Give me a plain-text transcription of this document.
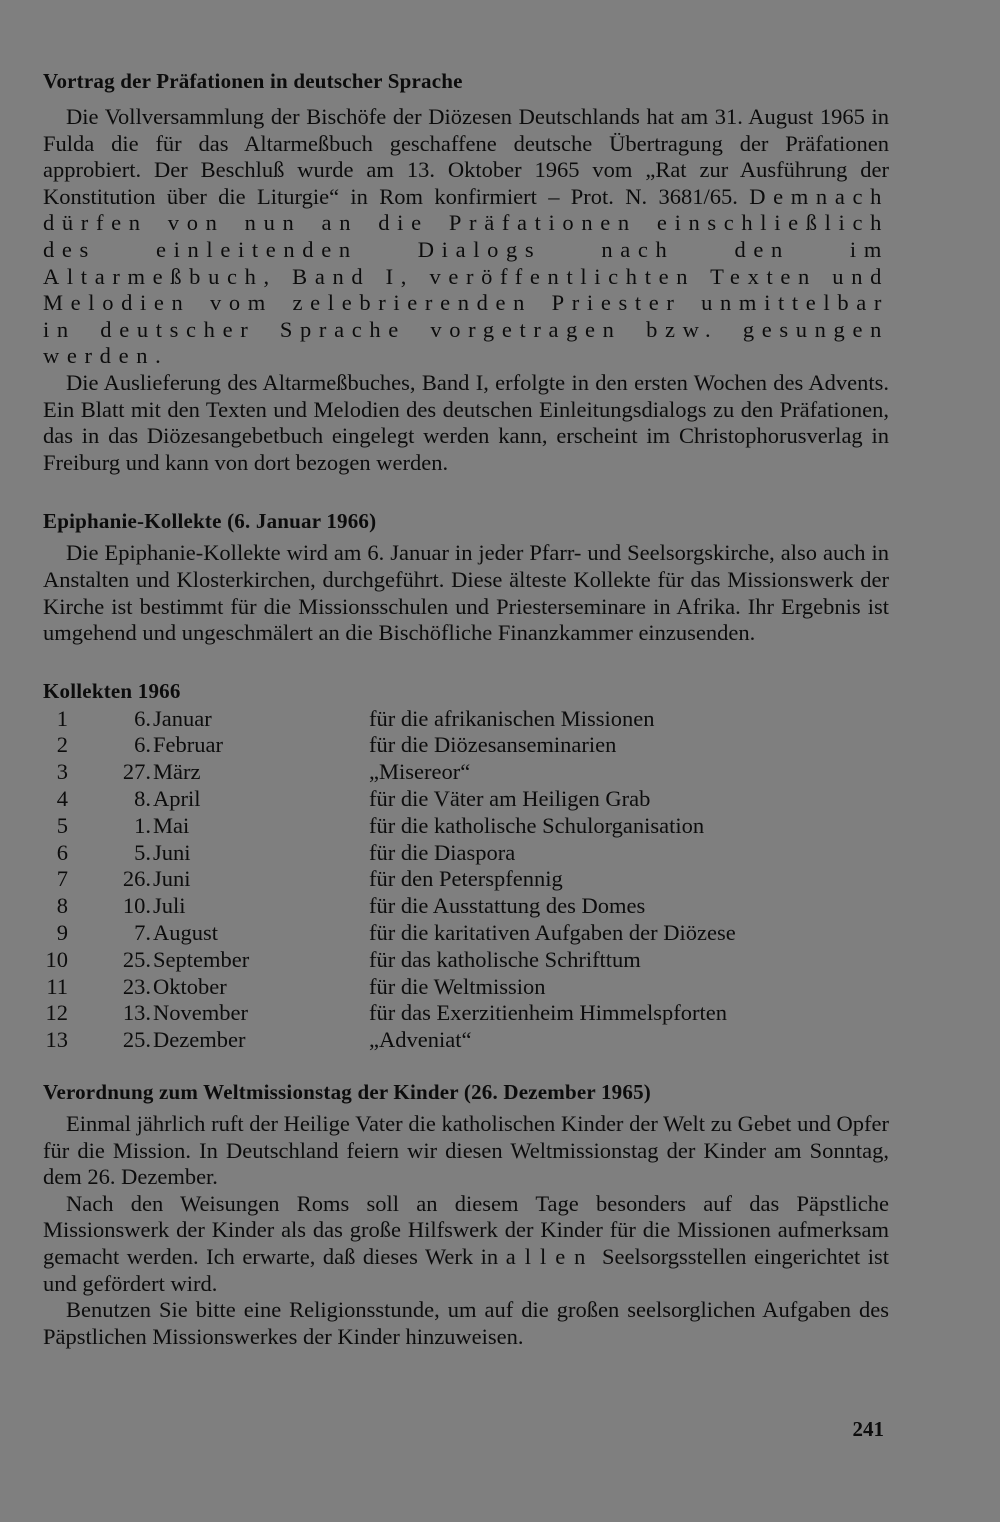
Vortrag der Präfationen in deutscher Sprache

Die Vollversammlung der Bischöfe der Diözesen Deutschlands hat am 31. August 1965 in Fulda die für das Altarmeßbuch geschaffene deutsche Übertragung der Präfationen approbiert. Der Beschluß wurde am 13. Oktober 1965 vom „Rat zur Ausführung der Konstitution über die Liturgie“ in Rom konfirmiert – Prot. N. 3681/65. Demnach dürfen von nun an die Präfationen einschließlich des einleitenden Dialogs nach den im Altarmeßbuch, Band I, veröffentlichten Texten und Melodien vom zelebrierenden Priester unmittelbar in deutscher Sprache vorgetragen bzw. gesungen werden.

Die Auslieferung des Altarmeßbuches, Band I, erfolgte in den ersten Wochen des Advents. Ein Blatt mit den Texten und Melodien des deutschen Einleitungsdialogs zu den Präfationen, das in das Diözesangebetbuch eingelegt werden kann, erscheint im Christophorusverlag in Freiburg und kann von dort bezogen werden.

Epiphanie-Kollekte (6. Januar 1966)

Die Epiphanie-Kollekte wird am 6. Januar in jeder Pfarr- und Seelsorgskirche, also auch in Anstalten und Klosterkirchen, durchgeführt. Diese älteste Kollekte für das Missionswerk der Kirche ist bestimmt für die Missionsschulen und Priesterseminare in Afrika. Ihr Ergebnis ist umgehend und ungeschmälert an die Bischöfliche Finanzkammer einzusenden.

Kollekten 1966
1	6. Januar	für die afrikanischen Missionen
2	6. Februar	für die Diözesanseminarien
3	27. März	„Misereor“
4	8. April	für die Väter am Heiligen Grab
5	1. Mai	für die katholische Schulorganisation
6	5. Juni	für die Diaspora
7	26. Juni	für den Peterspfennig
8	10. Juli	für die Ausstattung des Domes
9	7. August	für die karitativen Aufgaben der Diözese
10	25. September	für das katholische Schrifttum
11	23. Oktober	für die Weltmission
12	13. November	für das Exerzitienheim Himmelspforten
13	25. Dezember	„Adveniat“
Verordnung zum Weltmissionstag der Kinder (26. Dezember 1965)

Einmal jährlich ruft der Heilige Vater die katholischen Kinder der Welt zu Gebet und Opfer für die Mission. In Deutschland feiern wir diesen Weltmissionstag der Kinder am Sonntag, dem 26. Dezember.

Nach den Weisungen Roms soll an diesem Tage besonders auf das Päpstliche Missionswerk der Kinder als das große Hilfswerk der Kinder für die Missionen aufmerksam gemacht werden. Ich erwarte, daß dieses Werk in allen Seelsorgsstellen eingerichtet ist und gefördert wird.

Benutzen Sie bitte eine Religionsstunde, um auf die großen seelsorglichen Aufgaben des Päpstlichen Missionswerkes der Kinder hinzuweisen.

241
